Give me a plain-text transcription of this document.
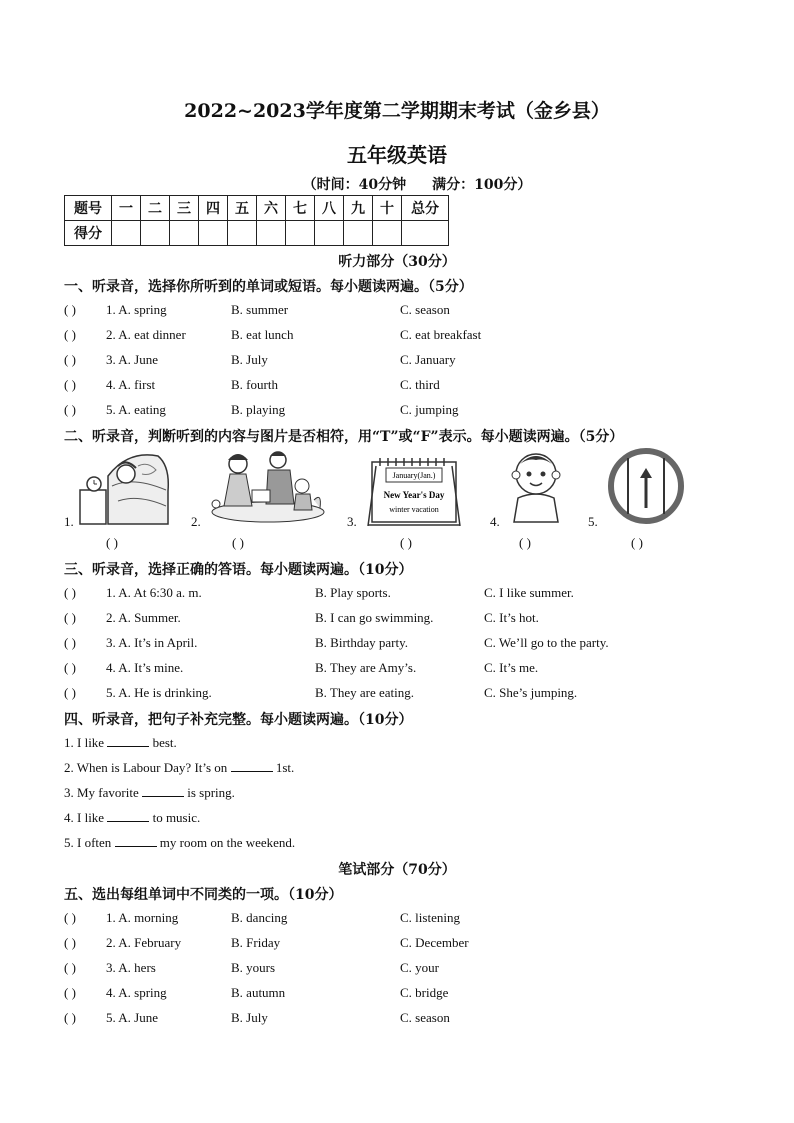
2022~2023学年度第二学期期末考试（金乡县）
五年级英语
（时间：40分钟 满分：100分）
题号	一	二	三	四	五	六	七	八	九	十	总分
得分											
听力部分（30分）
一、听录音，选择你所听到的单词或短语。每小题读两遍。（5分）
( ) 1. A. spring	B. summer	C. season
( ) 2. A. eat dinner	B. eat lunch	C. eat breakfast
( ) 3. A. June	B. July	C. January
( ) 4. A. first	B. fourth	C. third
( ) 5. A. eating	B. playing	C. jumping
二、听录音，判断听到的内容与图片是否相符，用“T”或“F”表示。每小题读两遍。（5分）
January(Jan.)
New Year's Day
winter vacation
1.	2.	3.	4.	5.
( )	( )	( )	( )	( )
三、听录音，选择正确的答语。每小题读两遍。（10分）
( ) 1. A. At 6:30 a. m.	B. Play sports.	C. I like summer.
( ) 2. A. Summer.	B. I can go swimming.	C. It’s hot.
( ) 3. A. It’s in April.	B. Birthday party.	C. We’ll go to the party.
( ) 4. A. It’s mine.	B. They are Amy’s.	C. It’s me.
( ) 5. A. He is drinking.	B. They are eating.	C. She’s jumping.
四、听录音，把句子补充完整。每小题读两遍。（10分）
1. I like	best.
2. When is Labour Day? It’s on	1st.
3. My favorite	is spring.
4. I like	to music.
5. I often	my room on the weekend.
笔试部分（70分）
五、选出每组单词中不同类的一项。（10分）
( ) 1. A. morning	B. dancing	C. listening
( ) 2. A. February	B. Friday	C. December
( ) 3. A. hers	B. yours	C. your
( ) 4. A. spring	B. autumn	C. bridge
( ) 5. A. June	B. July	C. season
